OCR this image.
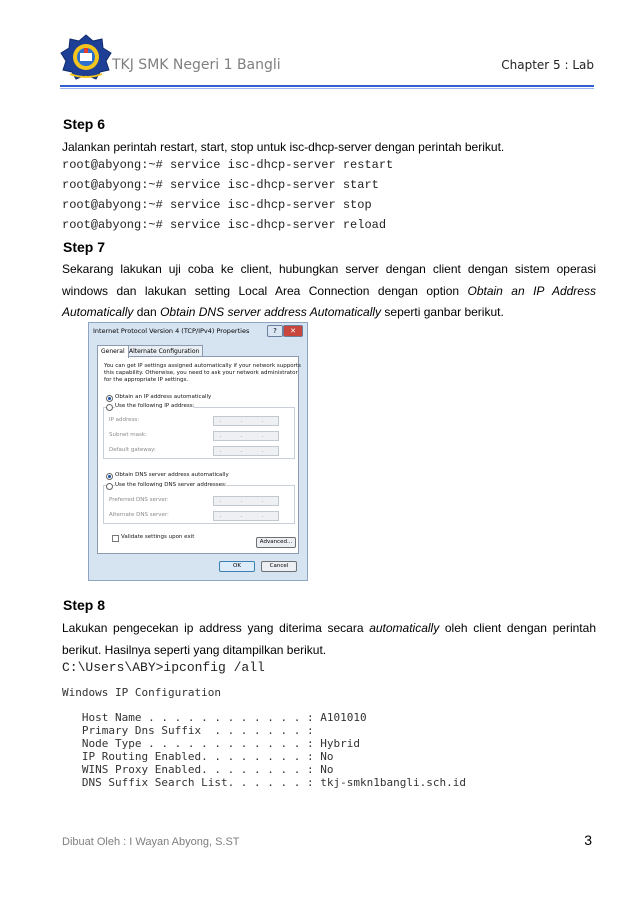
TKJ SMK Negeri 1 Bangli	Chapter 5 : Lab
Step 6
Jalankan perintah restart, start, stop untuk isc-dhcp-server dengan perintah berikut.
root@abyong:~# service isc-dhcp-server restart
root@abyong:~# service isc-dhcp-server start
root@abyong:~# service isc-dhcp-server stop
root@abyong:~# service isc-dhcp-server reload
Step 7
Sekarang lakukan uji coba ke client, hubungkan server dengan client dengan sistem operasi windows dan lakukan setting Local Area Connection dengan option Obtain an IP Address Automatically dan Obtain DNS server address Automatically seperti ganbar berikut.
Internet Protocol Version 4 (TCP/IPv4) Properties	?	✕
General Alternate Configuration
You can get IP settings assigned automatically if your network supports
this capability. Otherwise, you need to ask your network administrator
for the appropriate IP settings.
Obtain an IP address automatically
Use the following IP address:
IP address:	. . .
Subnet mask:	. . .
Default gateway:	. . .
Obtain DNS server address automatically
Use the following DNS server addresses:
Preferred DNS server:	. . .
Alternate DNS server:	. . .
Validate settings upon exit
Advanced...
OK	Cancel
Step 8
Lakukan pengecekan ip address yang diterima secara automatically oleh client dengan perintah berikut. Hasilnya seperti yang ditampilkan berikut.
C:\Users\ABY>ipconfig /all
Windows IP Configuration
Host Name . . . . . . . . . . . . : A101010
Primary Dns Suffix  . . . . . . . :
Node Type . . . . . . . . . . . . : Hybrid
IP Routing Enabled. . . . . . . . : No
WINS Proxy Enabled. . . . . . . . : No
DNS Suffix Search List. . . . . . : tkj-smkn1bangli.sch.id
Dibuat Oleh : I Wayan Abyong, S.ST	3
